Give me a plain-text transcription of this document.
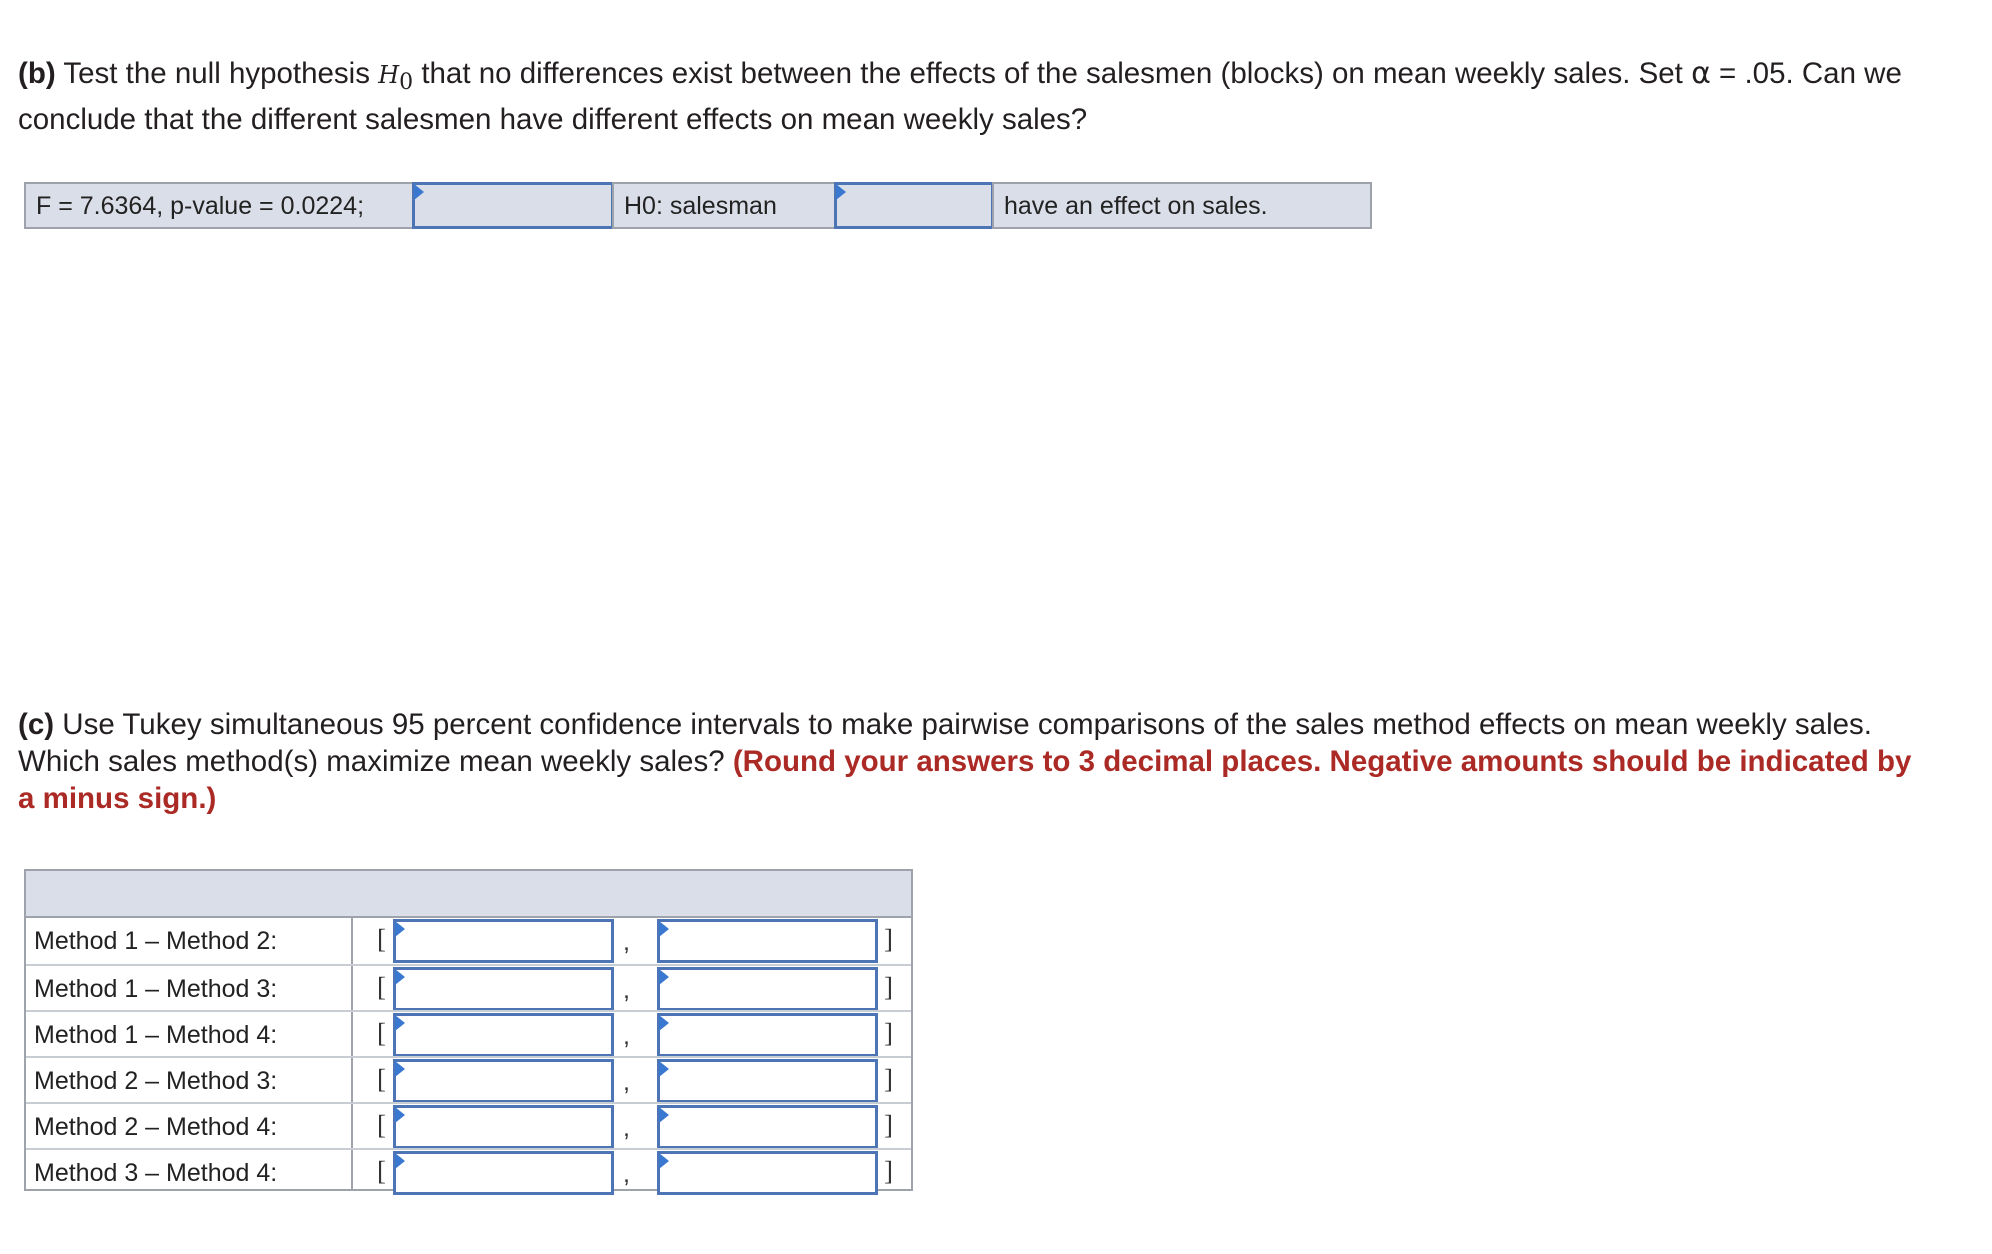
(b) Test the null hypothesis $H_0$ that no differences exist between the effects of the salesmen (blocks) on mean weekly sales. Set α = .05. Can we conclude that the different salesmen have different effects on mean weekly sales?
F = 7.6364, p-value = 0.0224;	H0: salesman	have an effect on sales.
(c) Use Tukey simultaneous 95 percent confidence intervals to make pairwise comparisons of the sales method effects on mean weekly sales. Which sales method(s) maximize mean weekly sales? (Round your answers to 3 decimal places. Negative amounts should be indicated by a minus sign.)
Method 1 – Method 2:	[	,	]
Method 1 – Method 3:	[	,	]
Method 1 – Method 4:	[	,	]
Method 2 – Method 3:	[	,	]
Method 2 – Method 4:	[	,	]
Method 3 – Method 4:	[	,	]
